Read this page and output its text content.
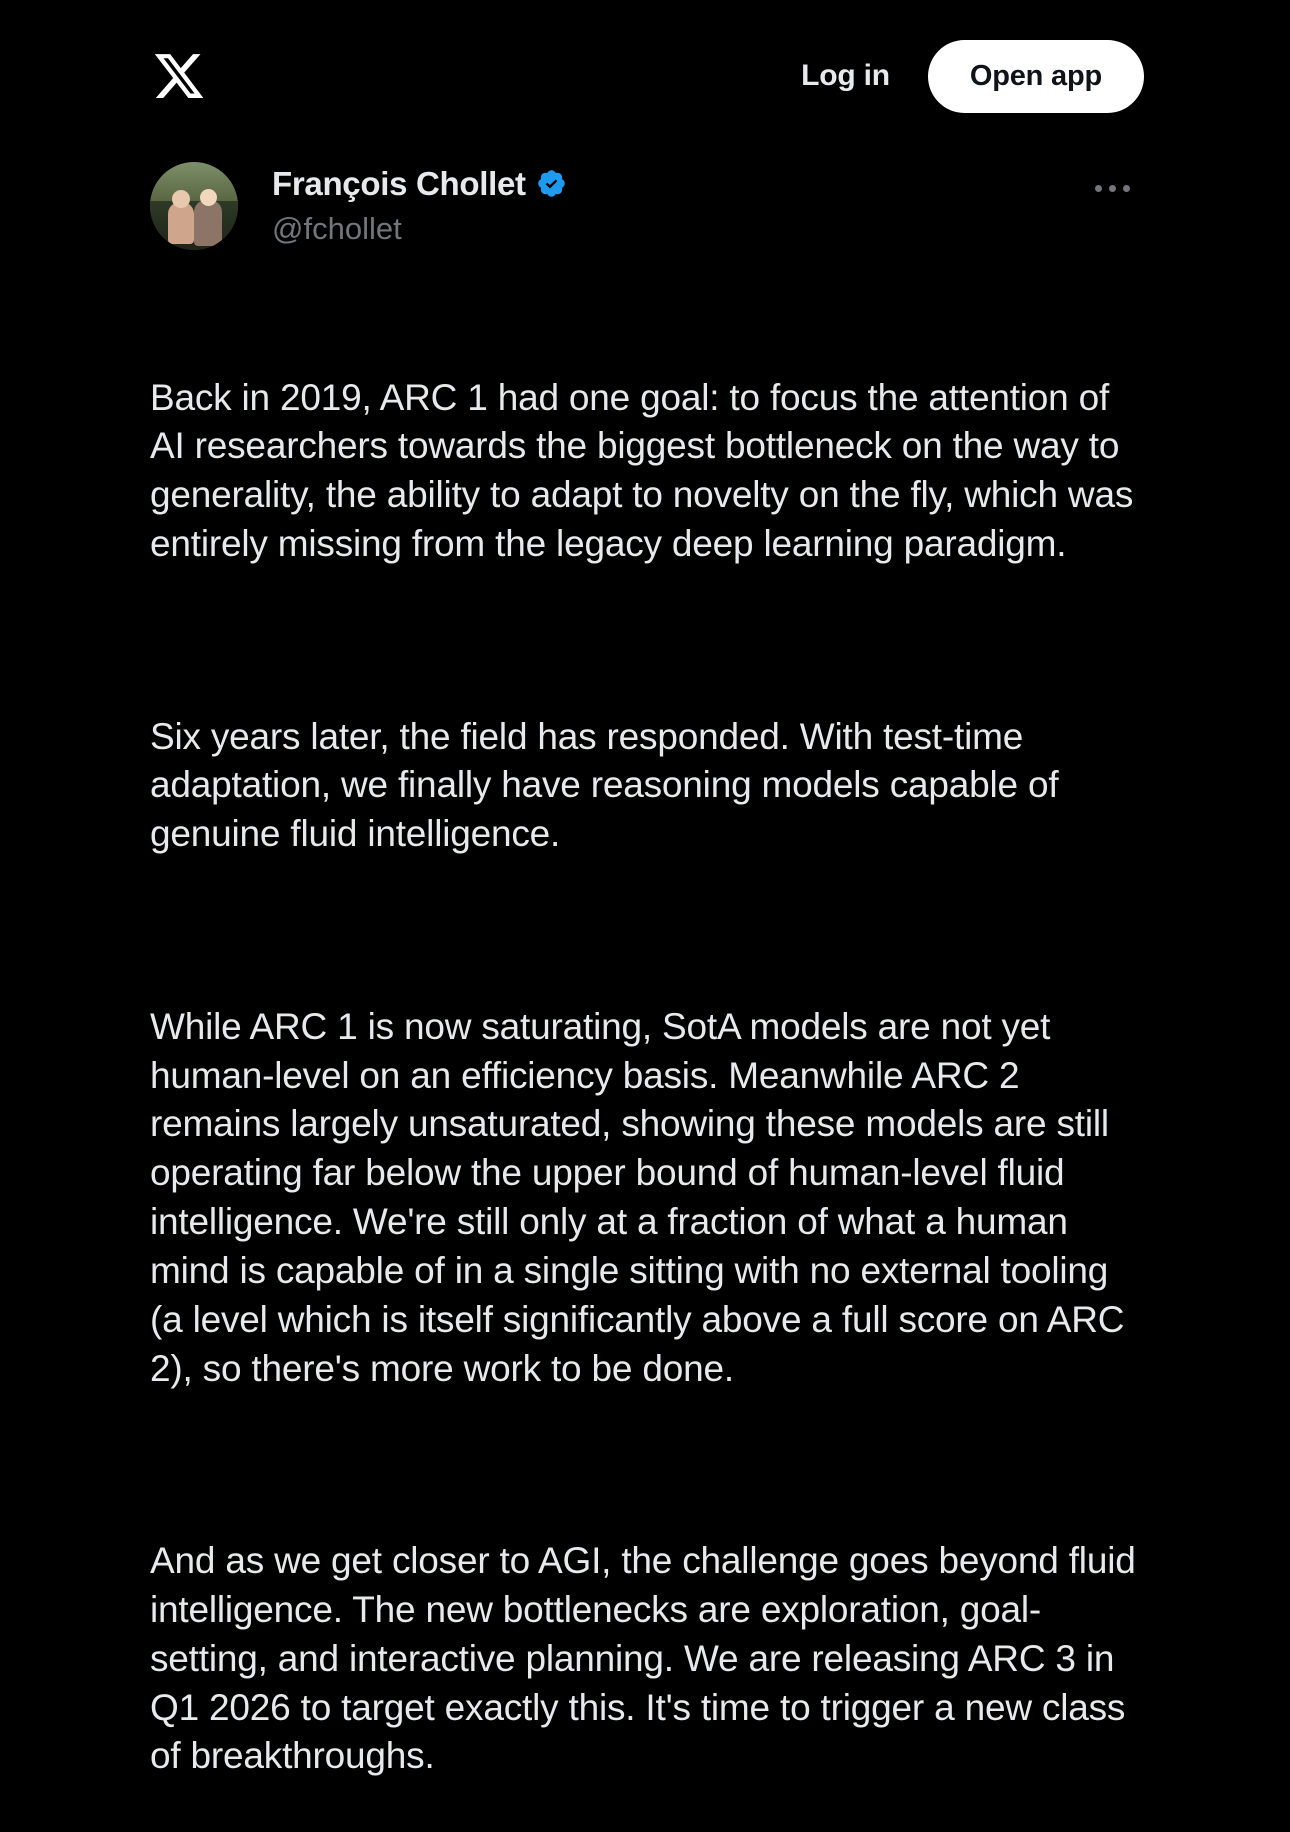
Log in	Open app
François Chollet
@fchollet

Back in 2019, ARC 1 had one goal: to focus the attention of AI researchers towards the biggest bottleneck on the way to generality, the ability to adapt to novelty on the fly, which was entirely missing from the legacy deep learning paradigm.

Six years later, the field has responded. With test-time adaptation, we finally have reasoning models capable of genuine fluid intelligence.

While ARC 1 is now saturating, SotA models are not yet human-level on an efficiency basis. Meanwhile ARC 2 remains largely unsaturated, showing these models are still operating far below the upper bound of human-level fluid intelligence. We're still only at a fraction of what a human mind is capable of in a single sitting with no external tooling (a level which is itself significantly above a full score on ARC 2), so there's more work to be done.

And as we get closer to AGI, the challenge goes beyond fluid intelligence. The new bottlenecks are exploration, goal-setting, and interactive planning. We are releasing ARC 3 in Q1 2026 to target exactly this. It's time to trigger a new class of breakthroughs.
